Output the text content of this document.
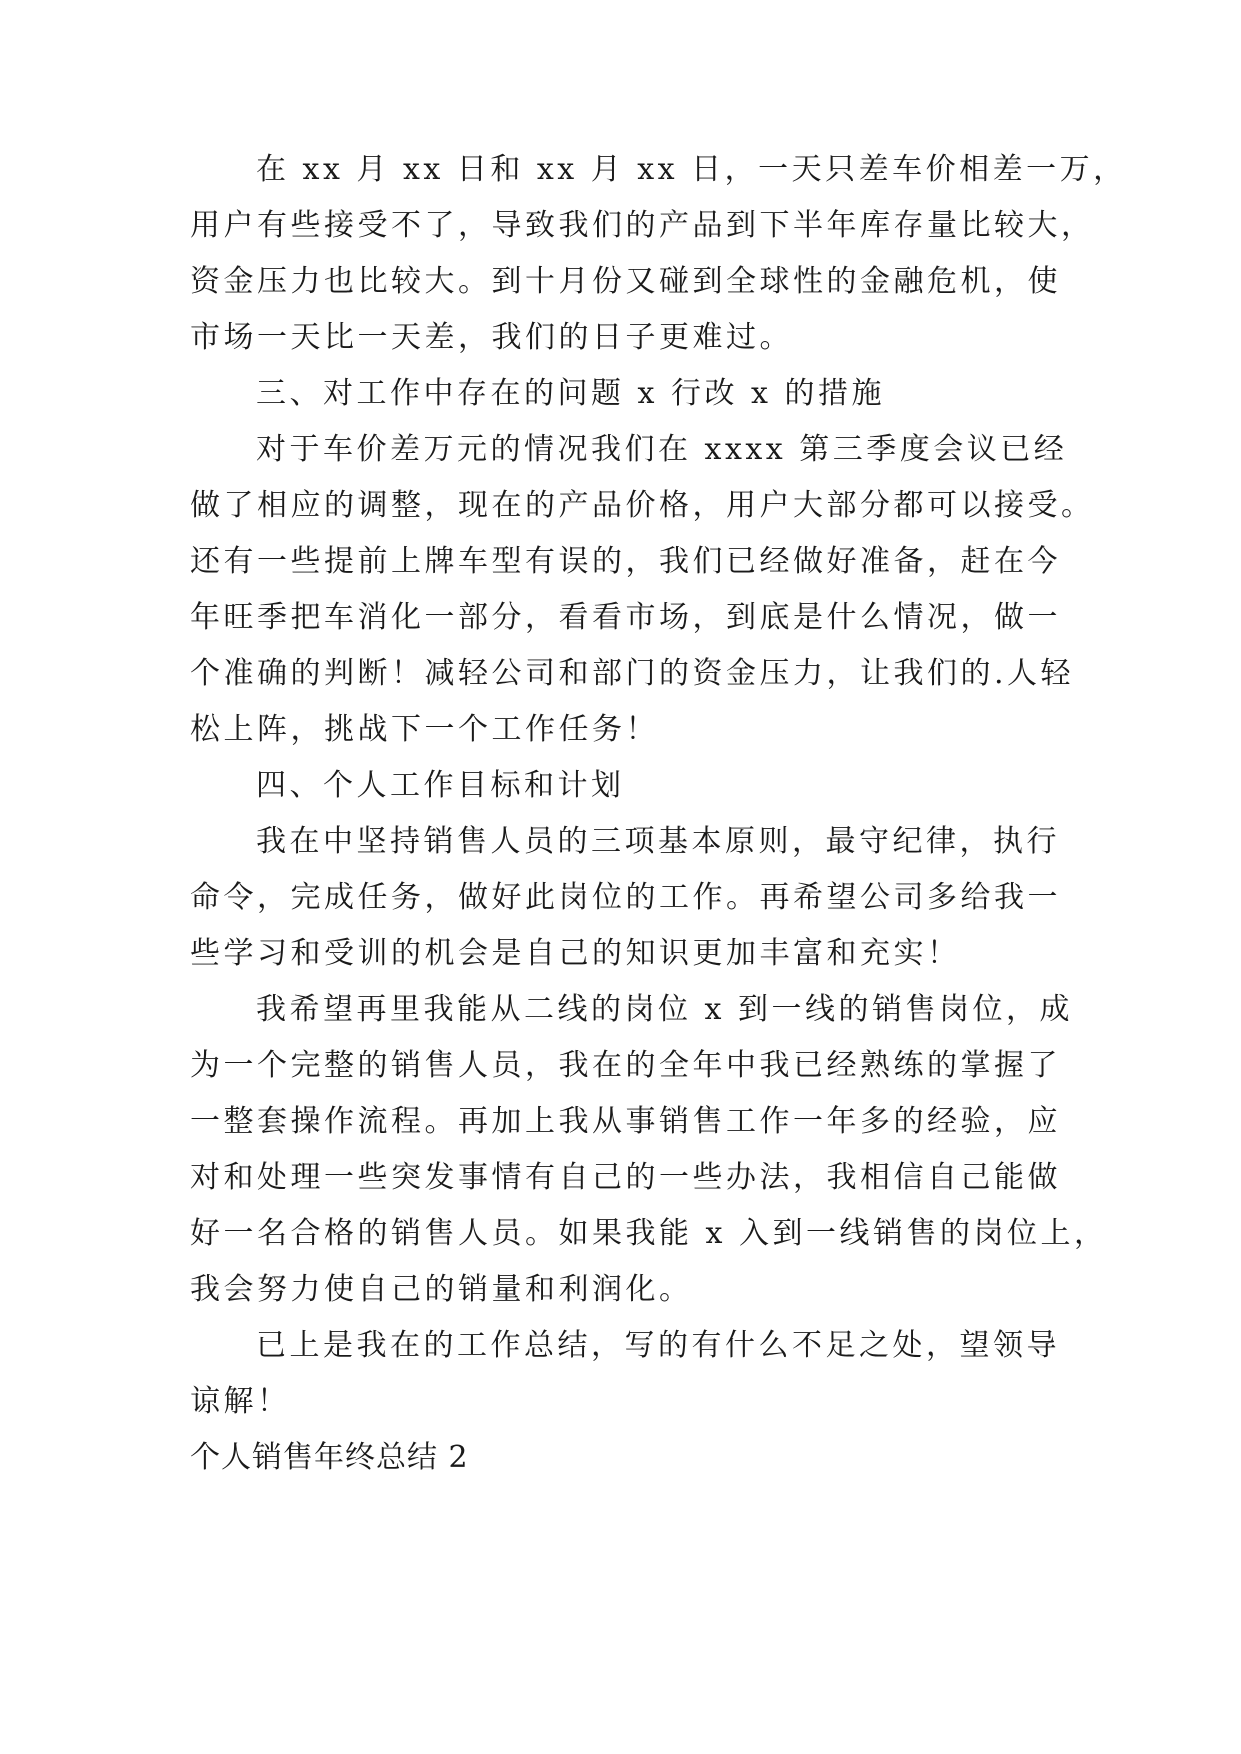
在 xx 月 xx 日和 xx 月 xx 日，一天只差车价相差一万，
用户有些接受不了，导致我们的产品到下半年库存量比较大，
资金压力也比较大。到十月份又碰到全球性的金融危机，使
市场一天比一天差，我们的日子更难过。
三、对工作中存在的问题 x 行改 x 的措施
对于车价差万元的情况我们在 xxxx 第三季度会议已经
做了相应的调整，现在的产品价格，用户大部分都可以接受。
还有一些提前上牌车型有误的，我们已经做好准备，赶在今
年旺季把车消化一部分，看看市场，到底是什么情况，做一
个准确的判断！减轻公司和部门的资金压力，让我们的.人轻
松上阵，挑战下一个工作任务！
四、个人工作目标和计划
我在中坚持销售人员的三项基本原则，最守纪律，执行
命令，完成任务，做好此岗位的工作。再希望公司多给我一
些学习和受训的机会是自己的知识更加丰富和充实！
我希望再里我能从二线的岗位 x 到一线的销售岗位，成
为一个完整的销售人员，我在的全年中我已经熟练的掌握了
一整套操作流程。再加上我从事销售工作一年多的经验，应
对和处理一些突发事情有自己的一些办法，我相信自己能做
好一名合格的销售人员。如果我能 x 入到一线销售的岗位上，
我会努力使自己的销量和利润化。
已上是我在的工作总结，写的有什么不足之处，望领导
谅解！
个人销售年终总结 2
